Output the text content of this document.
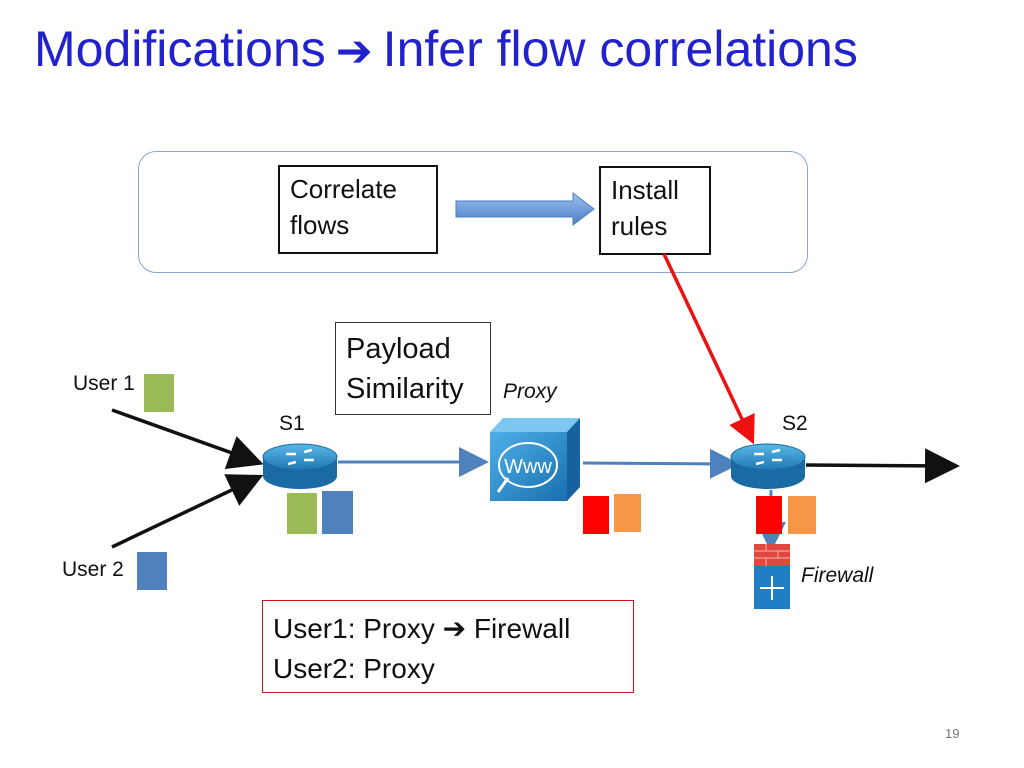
Modifications ➔ Infer flow correlations
Correlate
flows
Install
rules
Payload
Similarity
Www
User 1
User 2
S1	S2
Proxy
Firewall
User1: Proxy ➔ Firewall
User2: Proxy
19
